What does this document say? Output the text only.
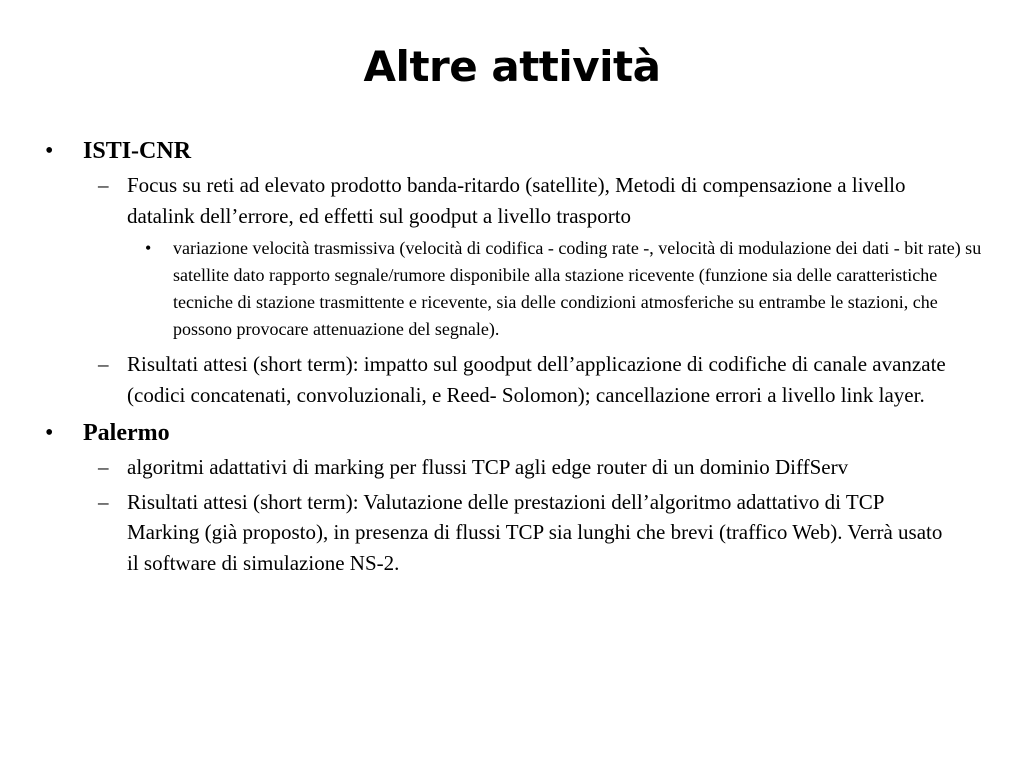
Altre attività
• ISTI-CNR
– Focus su reti ad elevato prodotto banda-ritardo (satellite), Metodi di compensazione a livello datalink dell’errore, ed effetti sul goodput a livello trasporto
• variazione velocità trasmissiva (velocità di codifica - coding rate -, velocità di modulazione dei dati - bit rate) su satellite dato rapporto segnale/rumore disponibile alla stazione ricevente (funzione sia delle caratteristiche tecniche di stazione trasmittente e ricevente, sia delle condizioni atmosferiche su entrambe le stazioni, che possono provocare attenuazione del segnale).
– Risultati attesi (short term): impatto sul goodput dell’applicazione di codifiche di canale avanzate (codici concatenati, convoluzionali, e Reed- Solomon); cancellazione errori a livello link layer.
• Palermo
– algoritmi adattativi di marking per flussi TCP agli edge router di un dominio DiffServ
– Risultati attesi (short term): Valutazione delle prestazioni dell’algoritmo adattativo di TCP Marking (già proposto), in presenza di flussi TCP sia lunghi che brevi (traffico Web). Verrà usato il software di simulazione NS-2.
